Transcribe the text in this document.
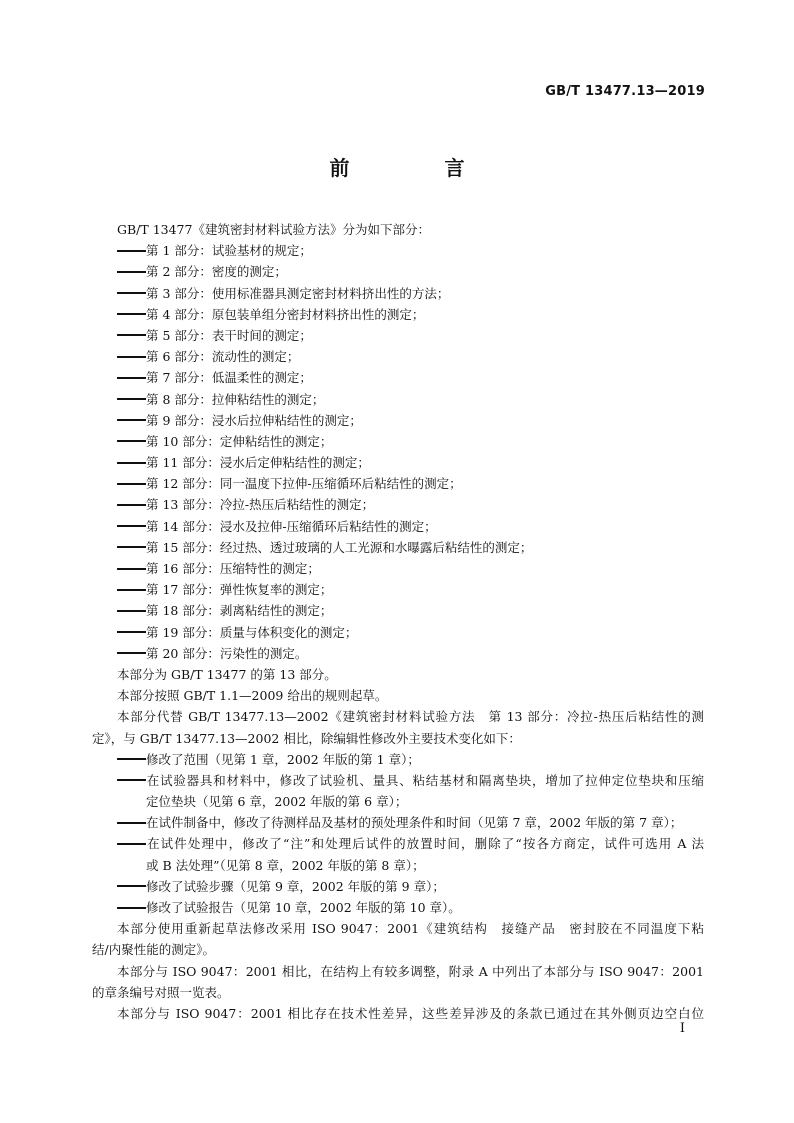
GB/T 13477.13—2019
前 言
GB/T 13477《建筑密封材料试验方法》分为如下部分：
第 1 部分：试验基材的规定；
第 2 部分：密度的测定；
第 3 部分：使用标准器具测定密封材料挤出性的方法；
第 4 部分：原包装单组分密封材料挤出性的测定；
第 5 部分：表干时间的测定；
第 6 部分：流动性的测定；
第 7 部分：低温柔性的测定；
第 8 部分：拉伸粘结性的测定；
第 9 部分：浸水后拉伸粘结性的测定；
第 10 部分：定伸粘结性的测定；
第 11 部分：浸水后定伸粘结性的测定；
第 12 部分：同一温度下拉伸-压缩循环后粘结性的测定；
第 13 部分：冷拉-热压后粘结性的测定；
第 14 部分：浸水及拉伸-压缩循环后粘结性的测定；
第 15 部分：经过热、透过玻璃的人工光源和水曝露后粘结性的测定；
第 16 部分：压缩特性的测定；
第 17 部分：弹性恢复率的测定；
第 18 部分：剥离粘结性的测定；
第 19 部分：质量与体积变化的测定；
第 20 部分：污染性的测定。
本部分为 GB/T 13477 的第 13 部分。
本部分按照 GB/T 1.1—2009 给出的规则起草。
本部分代替 GB/T 13477.13—2002《建筑密封材料试验方法　第 13 部分：冷拉-热压后粘结性的测
定》，与 GB/T 13477.13—2002 相比，除编辑性修改外主要技术变化如下：
修改了范围（见第 1 章，2002 年版的第 1 章）；
在试验器具和材料中，修改了试验机、量具、粘结基材和隔离垫块，增加了拉伸定位垫块和压缩
定位垫块（见第 6 章，2002 年版的第 6 章）；
在试件制备中，修改了待测样品及基材的预处理条件和时间（见第 7 章，2002 年版的第 7 章）；
在试件处理中，修改了“注”和处理后试件的放置时间，删除了“按各方商定，试件可选用 A 法
或 B 法处理”（见第 8 章，2002 年版的第 8 章）；
修改了试验步骤（见第 9 章，2002 年版的第 9 章）；
修改了试验报告（见第 10 章，2002 年版的第 10 章）。
本部分使用重新起草法修改采用 ISO 9047：2001《建筑结构　接缝产品　密封胶在不同温度下粘
结/内聚性能的测定》。
本部分与 ISO 9047：2001 相比，在结构上有较多调整，附录 A 中列出了本部分与 ISO 9047：2001
的章条编号对照一览表。
本部分与 ISO 9047：2001 相比存在技术性差异，这些差异涉及的条款已通过在其外侧页边空白位
I
